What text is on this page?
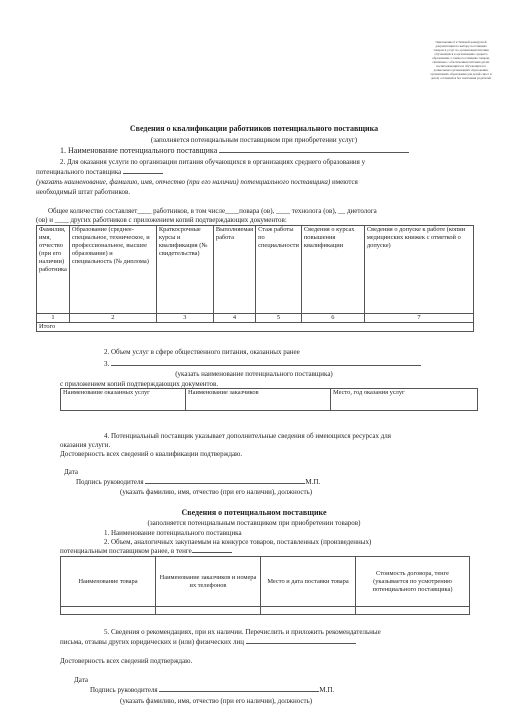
Приложение 6 к Типовой конкурсной документации по выбору поставщика товаров и услуг по организации питания обучающихся в организациях среднего образования, а также поставщика товаров, связанных с обеспечением питания детей, воспитывающихся и обучающихся в дошкольных организациях образования, организациях образования для детей-сирот и детей, оставшихся без попечения родителей
Сведения о квалификации работников потенциального поставщика
(заполняется потенциальным поставщиком при приобретении услуг)
1. Наименование потенциального поставщика
2. Для оказания услуги по организации питания обучающихся в организациях среднего образования у
потенциального поставщика
(указать наименование, фамилию, имя, отчество (при его наличии) потенциального поставщика) имеются
необходимый штат работников.
Общее количество составляет____ работников, в том числе____повара (ов), ____ технолога (ов), __ диетолога
(ов) и ____ других работников с приложением копий подтверждающих документов:
Фамилия, имя, отчество (при его наличии) работника	Образование (среднее-специальное, техническое, и профессиональное, высшее образование) и специальность (№ диплома)	Краткосрочные курсы и квалификация (№ свидетельства)	Выполняемая работа	Стаж работы по специальности	Сведения о курсах повышения квалификации	Сведения о допуске к работе (копии медицинских книжек с отметкой о допуске)
1	2	3	4	5	6	7
Итого						
2. Объем услуг в сфере общественного питания, оказанных ранее
3.
(указать наименование потенциального поставщика)
с приложением копий подтверждающих документов.
Наименование оказанных услуг	Наименование заказчиков	Место, год оказания услуг
4. Потенциальный поставщик указывает дополнительные сведения об имеющихся ресурсах для
оказания услуги.
Достоверность всех сведений о квалификации подтверждаю.
Дата
Подпись руководителя	М.П.
(указать фамилию, имя, отчество (при его наличии), должность)
Сведения о потенциальном поставщике
(заполняется потенциальным поставщиком при приобретении товаров)
1. Наименование потенциального поставщика
2. Объем, аналогичных закупаемым на конкурсе товаров, поставленных (произведенных)
потенциальным поставщиком ранее, в тенге
Наименование товара	Наименование заказчиков и номера их телефонов	Место и дата поставки товара	Стоимость договора, тенге (указывается по усмотрению потенциального поставщика)

5. Сведения о рекомендациях, при их наличии. Перечислить и приложить рекомендательные
письма, отзывы других юридических и (или) физических лиц
Достоверность всех сведений подтверждаю.
Дата
Подпись руководителя	М.П.
(указать фамилию, имя, отчество (при его наличии), должность)
